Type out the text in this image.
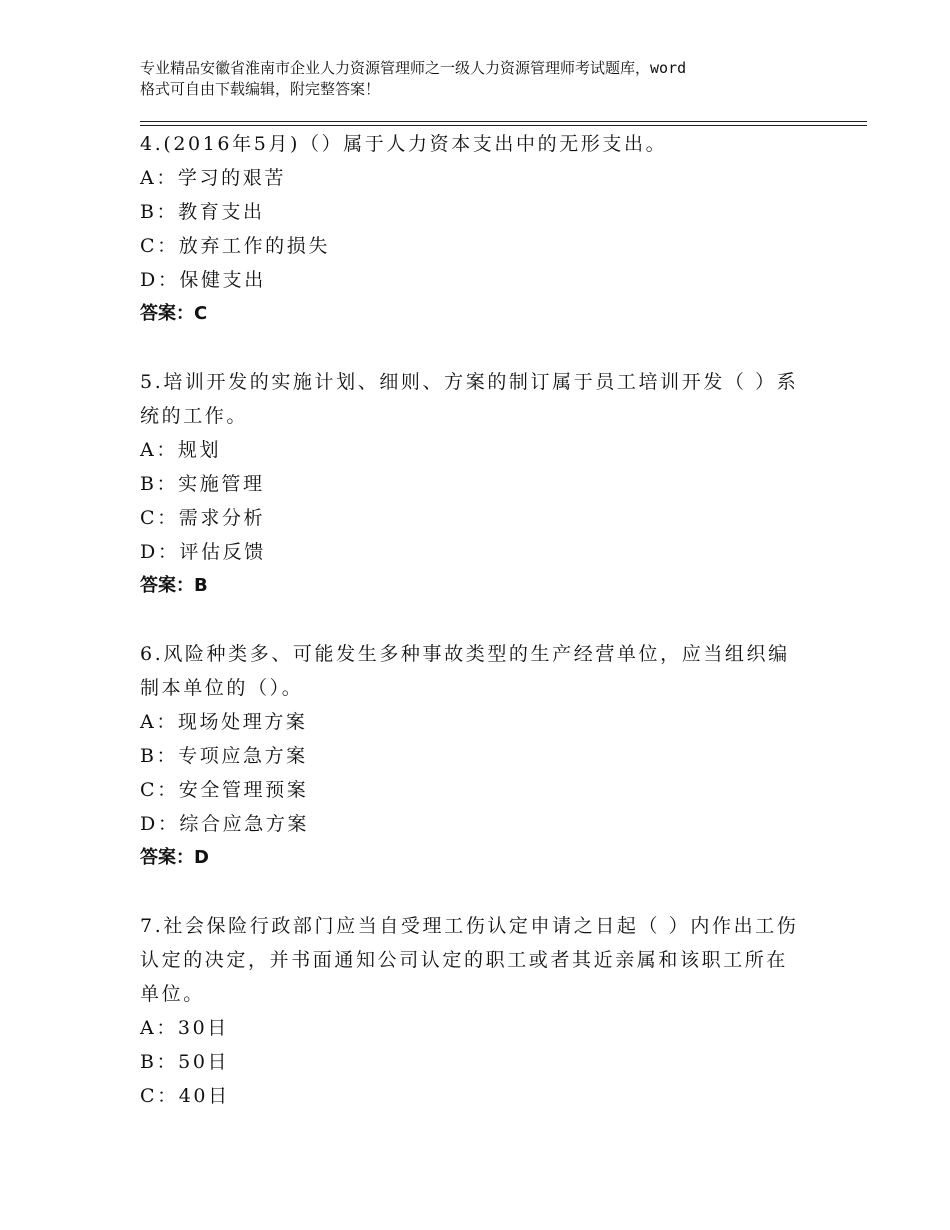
专业精品安徽省淮南市企业人力资源管理师之一级人力资源管理师考试题库，word
格式可自由下载编辑，附完整答案！
4.(2016年5月)（）属于人力资本支出中的无形支出。
A：学习的艰苦
B：教育支出
C：放弃工作的损失
D：保健支出
答案：C
5.培训开发的实施计划、细则、方案的制订属于员工培训开发（ ）系
统的工作。
A：规划
B：实施管理
C：需求分析
D：评估反馈
答案：B
6.风险种类多、可能发生多种事故类型的生产经营单位，应当组织编
制本单位的（）。
A：现场处理方案
B：专项应急方案
C：安全管理预案
D：综合应急方案
答案：D
7.社会保险行政部门应当自受理工伤认定申请之日起（ ）内作出工伤
认定的决定，并书面通知公司认定的职工或者其近亲属和该职工所在
单位。
A：30日
B：50日
C：40日
